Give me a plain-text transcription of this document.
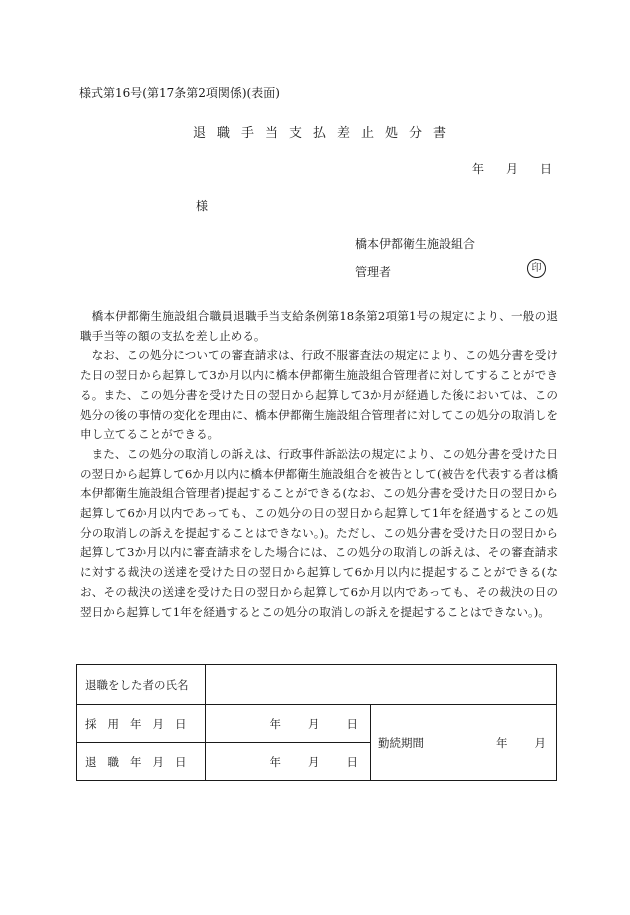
様式第16号(第17条第2項関係)(表面)
退職手当支払差止処分書
年 月 日
様
橋本伊都衛生施設組合
管理者	印

橋本伊都衛生施設組合職員退職手当支給条例第18条第2項第1号の規定により、一般の退職手当等の額の支払を差し止める。

なお、この処分についての審査請求は、行政不服審査法の規定により、この処分書を受けた日の翌日から起算して3か月以内に橋本伊都衛生施設組合管理者に対してすることができる。また、この処分書を受けた日の翌日から起算して3か月が経過した後においては、この処分の後の事情の変化を理由に、橋本伊都衛生施設組合管理者に対してこの処分の取消しを申し立てることができる。

また、この処分の取消しの訴えは、行政事件訴訟法の規定により、この処分書を受けた日の翌日から起算して6か月以内に橋本伊都衛生施設組合を被告として(被告を代表する者は橋本伊都衛生施設組合管理者)提起することができる(なお、この処分書を受けた日の翌日から起算して6か月以内であっても、この処分の日の翌日から起算して1年を経過するとこの処分の取消しの訴えを提起することはできない。)。ただし、この処分書を受けた日の翌日から起算して3か月以内に審査請求をした場合には、この処分の取消しの訴えは、その審査請求に対する裁決の送達を受けた日の翌日から起算して6か月以内に提起することができる(なお、その裁決の送達を受けた日の翌日から起算して6か月以内であっても、その裁決の日の翌日から起算して1年を経過するとこの処分の取消しの訴えを提起することはできない。)。

退職をした者の氏名		
採用年月日	年 月 日	勤続期間 年 月

退職年月日	年 月 日	
